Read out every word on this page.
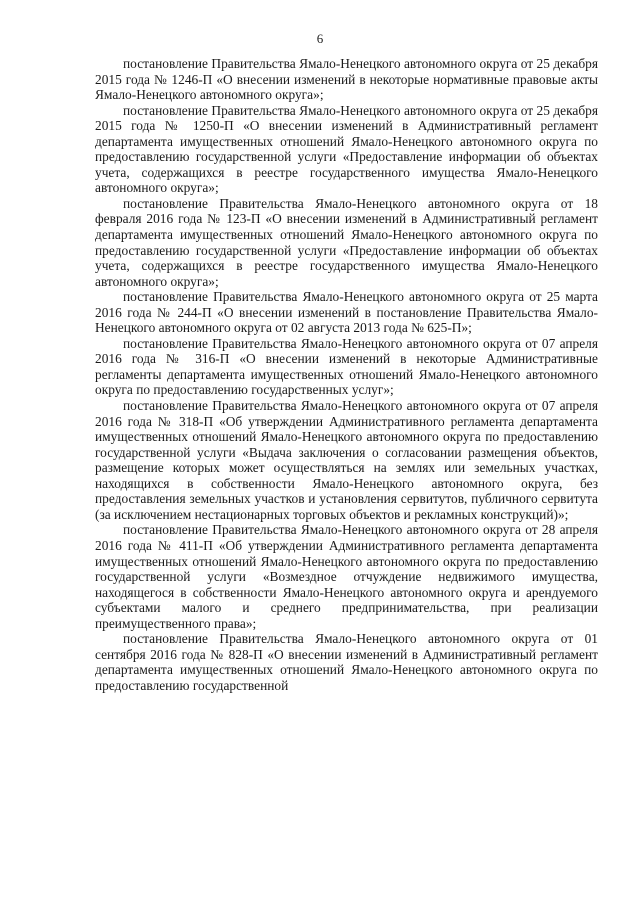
6

постановление Правительства Ямало-Ненецкого автономного округа от 25 декабря 2015 года № 1246-П «О внесении изменений в некоторые нормативные правовые акты Ямало-Ненецкого автономного округа»;

постановление Правительства Ямало-Ненецкого автономного округа от 25 декабря 2015 года № 1250-П «О внесении изменений в Административный регламент департамента имущественных отношений Ямало-Ненецкого автономного округа по предоставлению государственной услуги «Предоставление информации об объектах учета, содержащихся в реестре государственного имущества Ямало-Ненецкого автономного округа»;

постановление Правительства Ямало-Ненецкого автономного округа от 18 февраля 2016 года № 123-П «О внесении изменений в Административный регламент департамента имущественных отношений Ямало-Ненецкого автономного округа по предоставлению государственной услуги «Предоставление информации об объектах учета, содержащихся в реестре государственного имущества Ямало-Ненецкого автономного округа»;

постановление Правительства Ямало-Ненецкого автономного округа от 25 марта 2016 года № 244-П «О внесении изменений в постановление Правительства Ямало-Ненецкого автономного округа от 02 августа 2013 года № 625-П»;

постановление Правительства Ямало-Ненецкого автономного округа от 07 апреля 2016 года № 316-П «О внесении изменений в некоторые Административные регламенты департамента имущественных отношений Ямало-Ненецкого автономного округа по предоставлению государственных услуг»;

постановление Правительства Ямало-Ненецкого автономного округа от 07 апреля 2016 года № 318-П «Об утверждении Административного регламента департамента имущественных отношений Ямало-Ненецкого автономного округа по предоставлению государственной услуги «Выдача заключения о согласовании размещения объектов, размещение которых может осуществляться на землях или земельных участках, находящихся в собственности Ямало-Ненецкого автономного округа, без предоставления земельных участков и установления сервитутов, публичного сервитута (за исключением нестационарных торговых объектов и рекламных конструкций)»;

постановление Правительства Ямало-Ненецкого автономного округа от 28 апреля 2016 года № 411-П «Об утверждении Административного регламента департамента имущественных отношений Ямало-Ненецкого автономного округа по предоставлению государственной услуги «Возмездное отчуждение недвижимого имущества, находящегося в собственности Ямало-Ненецкого автономного округа и арендуемого субъектами малого и среднего предпринимательства, при реализации преимущественного права»;

постановление Правительства Ямало-Ненецкого автономного округа от 01 сентября 2016 года № 828-П «О внесении изменений в Административный регламент департамента имущественных отношений Ямало-Ненецкого автономного округа по предоставлению государственной
